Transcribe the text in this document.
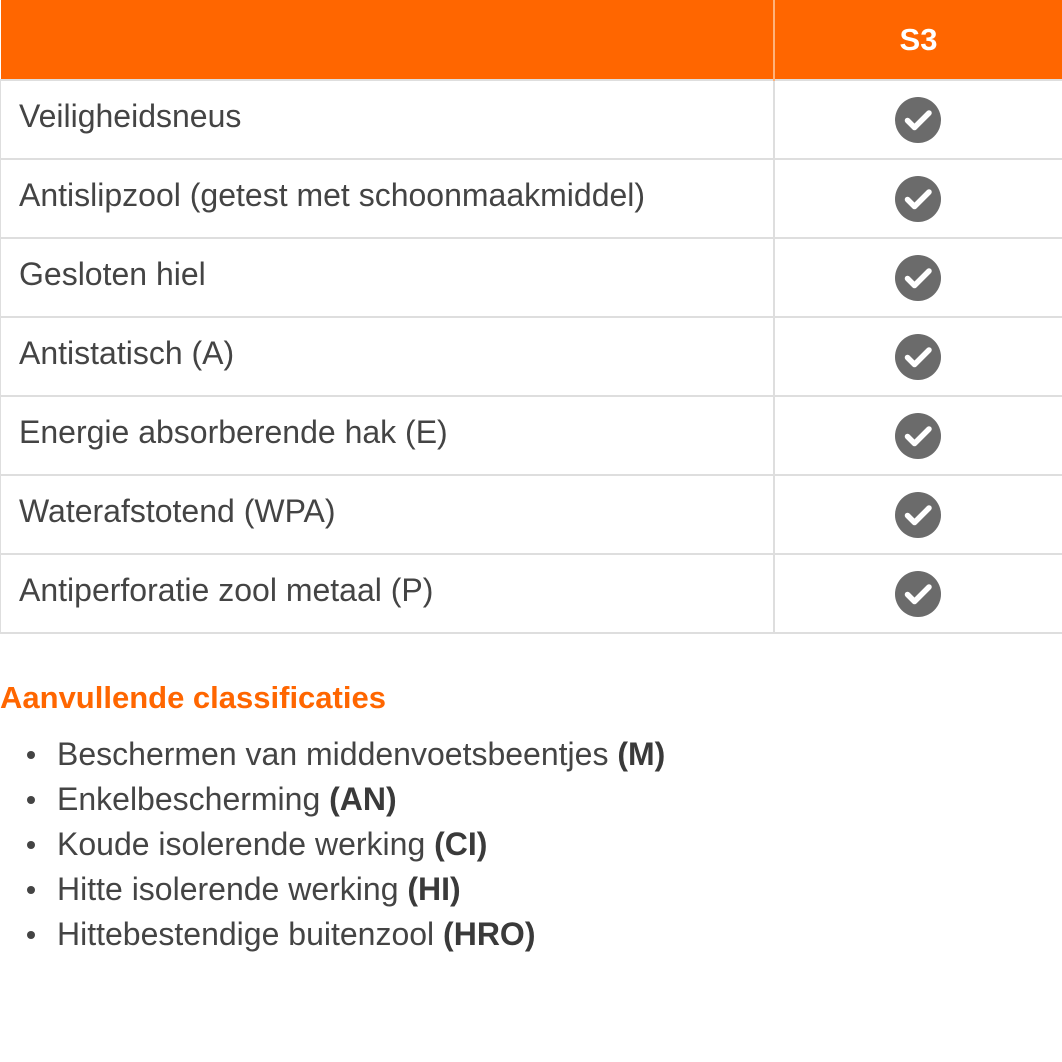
	S3
Veiligheidsneus	
Antislipzool (getest met schoonmaakmiddel)	
Gesloten hiel	
Antistatisch (A)	
Energie absorberende hak (E)	
Waterafstotend (WPA)	
Antiperforatie zool metaal (P)	
Aanvullende classificaties
Beschermen van middenvoetsbeentjes (M)
Enkelbescherming (AN)
Koude isolerende werking (CI)
Hitte isolerende werking (HI)
Hittebestendige buitenzool (HRO)
